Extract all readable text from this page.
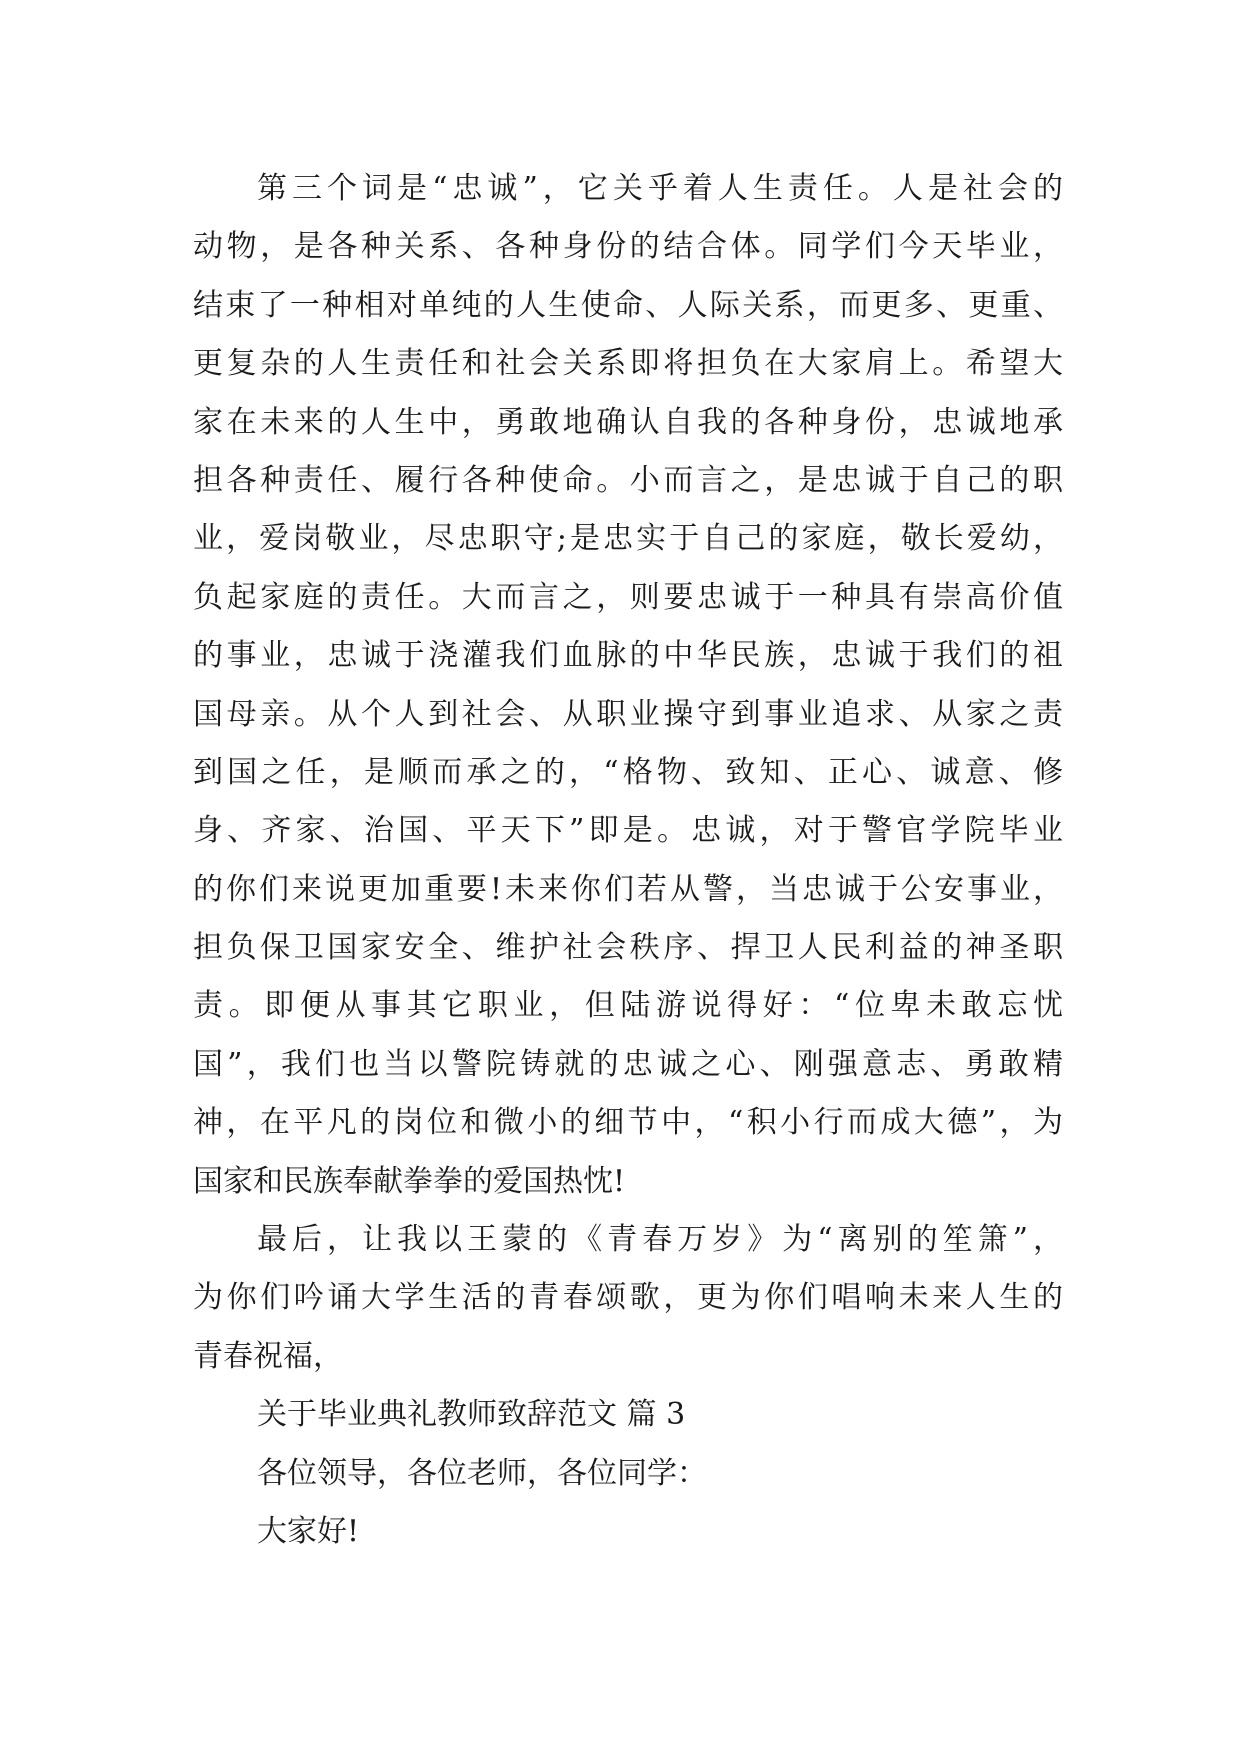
第三个词是“忠诚”，它关乎着人生责任。人是社会的
动物，是各种关系、各种身份的结合体。同学们今天毕业，
结束了一种相对单纯的人生使命、人际关系，而更多、更重、
更复杂的人生责任和社会关系即将担负在大家肩上。希望大
家在未来的人生中，勇敢地确认自我的各种身份，忠诚地承
担各种责任、履行各种使命。小而言之，是忠诚于自己的职
业，爱岗敬业，尽忠职守;是忠实于自己的家庭，敬长爱幼，
负起家庭的责任。大而言之，则要忠诚于一种具有崇高价值
的事业，忠诚于浇灌我们血脉的中华民族，忠诚于我们的祖
国母亲。从个人到社会、从职业操守到事业追求、从家之责
到国之任，是顺而承之的，“格物、致知、正心、诚意、修
身、齐家、治国、平天下”即是。忠诚，对于警官学院毕业
的你们来说更加重要!未来你们若从警，当忠诚于公安事业，
担负保卫国家安全、维护社会秩序、捍卫人民利益的神圣职
责。即便从事其它职业，但陆游说得好：“位卑未敢忘忧
国”，我们也当以警院铸就的忠诚之心、刚强意志、勇敢精
神，在平凡的岗位和微小的细节中，“积小行而成大德”，为
国家和民族奉献拳拳的爱国热忱!
最后，让我以王蒙的《青春万岁》为“离别的笙箫”，
为你们吟诵大学生活的青春颂歌，更为你们唱响未来人生的
青春祝福，
关于毕业典礼教师致辞范文 篇 3
各位领导，各位老师，各位同学：
大家好!
